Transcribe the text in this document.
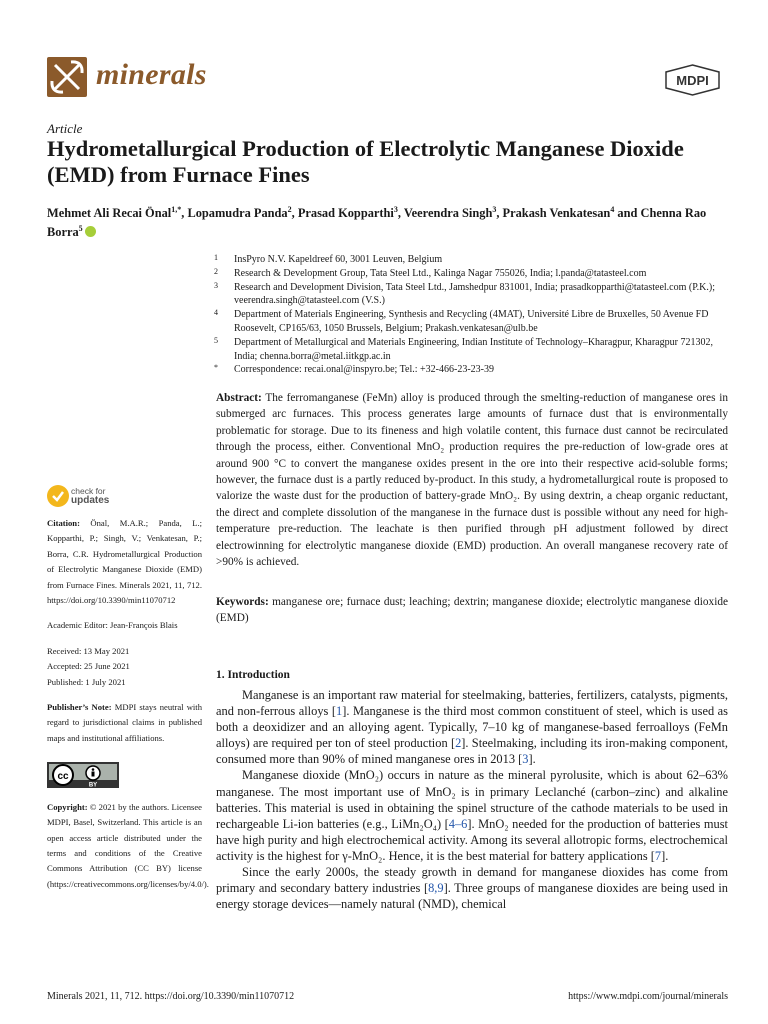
minerals	MDPI
Article
Hydrometallurgical Production of Electrolytic Manganese Dioxide (EMD) from Furnace Fines
Mehmet Ali Recai Önal$^{1,*}$, Lopamudra Panda$^2$, Prasad Kopparthi$^3$, Veerendra Singh$^3$, Prakash Venkatesan$^4$ and Chenna Rao Borra$^5$
1 InsPyro N.V. Kapeldreef 60, 3001 Leuven, Belgium
2 Research & Development Group, Tata Steel Ltd., Kalinga Nagar 755026, India; l.panda@tatasteel.com
3 Research and Development Division, Tata Steel Ltd., Jamshedpur 831001, India; prasadkopparthi@tatasteel.com (P.K.); veerendra.singh@tatasteel.com (V.S.)
4 Department of Materials Engineering, Synthesis and Recycling (4MAT), Université Libre de Bruxelles, 50 Avenue FD Roosevelt, CP165/63, 1050 Brussels, Belgium; Prakash.venkatesan@ulb.be
5 Department of Metallurgical and Materials Engineering, Indian Institute of Technology–Kharagpur, Kharagpur 721302, India; chenna.borra@metal.iitkgp.ac.in
* Correspondence: recai.onal@inspyro.be; Tel.: +32-466-23-23-39
Abstract: The ferromanganese (FeMn) alloy is produced through the smelting-reduction of manganese ores in submerged arc furnaces. This process generates large amounts of furnace dust that is environmentally problematic for storage. Due to its fineness and high volatile content, this furnace dust cannot be recirculated through the process, either. Conventional MnO₂ production requires the pre-reduction of low-grade ores at around 900 °C to convert the manganese oxides present in the ore into their respective acid-soluble forms; however, the furnace dust is a partly reduced by-product. In this study, a hydrometallurgical route is proposed to valorize the waste dust for the production of battery-grade MnO₂. By using dextrin, a cheap organic reductant, the direct and complete dissolution of the manganese in the furnace dust is possible without any need for high-temperature pre-reduction. The leachate is then purified through pH adjustment followed by direct electrowinning for electrolytic manganese dioxide (EMD) production. An overall manganese recovery rate of >90% is achieved.
Keywords: manganese ore; furnace dust; leaching; dextrin; manganese dioxide; electrolytic manganese dioxide (EMD)
check for
updates
Citation: Önal, M.A.R.; Panda, L.; Kopparthi, P.; Singh, V.; Venkatesan, P.; Borra, C.R. Hydrometallurgical Production of Electrolytic Manganese Dioxide (EMD) from Furnace Fines. Minerals 2021, 11, 712. https://doi.org/10.3390/min11070712
Academic Editor: Jean-François Blais
Received: 13 May 2021
Accepted: 25 June 2021
Published: 1 July 2021
Publisher’s Note: MDPI stays neutral with regard to jurisdictional claims in published maps and institutional affiliations.
cc
BY
Copyright: © 2021 by the authors. Licensee MDPI, Basel, Switzerland. This article is an open access article distributed under the terms and conditions of the Creative Commons Attribution (CC BY) license (https://creativecommons.org/licenses/by/4.0/).
1. Introduction

Manganese is an important raw material for steelmaking, batteries, fertilizers, catalysts, pigments, and non-ferrous alloys [1]. Manganese is the third most common constituent of steel, which is used as both a deoxidizer and an alloying agent. Typically, 7–10 kg of manganese-based ferroalloys (FeMn alloys) are required per ton of steel production [2]. Steelmaking, including its iron-making component, consumed more than 90% of mined manganese ores in 2013 [3].

Manganese dioxide (MnO₂) occurs in nature as the mineral pyrolusite, which is about 62–63% manganese. The most important use of MnO₂ is in primary Leclanché (carbon–zinc) and alkaline batteries. This material is used in obtaining the spinel structure of the cathode materials to be used in rechargeable Li-ion batteries (e.g., LiMn₂O₄) [4–6]. MnO₂ needed for the production of batteries must have high purity and high electrochemical activity. Among its several allotropic forms, electrochemical activity is the highest for γ-MnO₂. Hence, it is the best material for battery applications [7].

Since the early 2000s, the steady growth in demand for manganese dioxides has come from primary and secondary battery industries [8,9]. Three groups of manganese dioxides are being used in energy storage devices—namely natural (NMD), chemical

Minerals 2021, 11, 712. https://doi.org/10.3390/min11070712	https://www.mdpi.com/journal/minerals
